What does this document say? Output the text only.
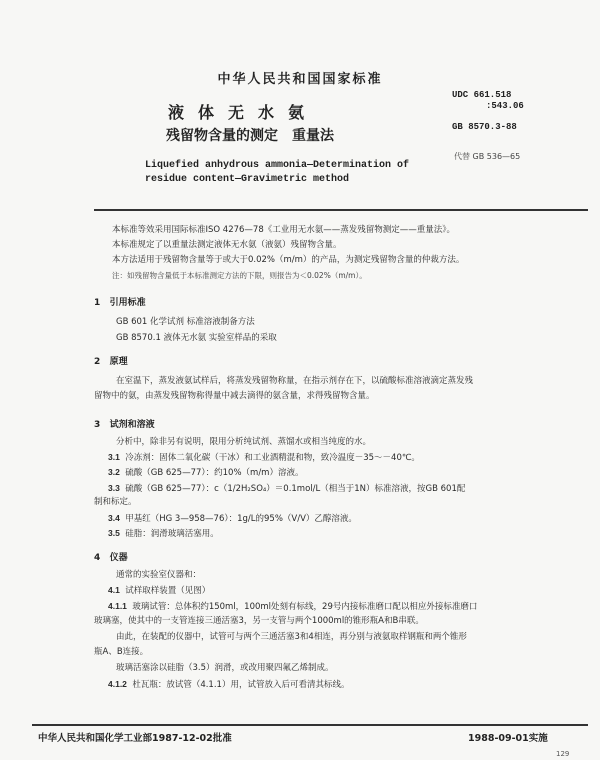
中华人民共和国国家标准
UDC 661.518
:543.06
GB 8570.3-88
代替 GB 536—65
液体无水氨
残留物含量的测定　重量法
Liquefied anhydrous ammonia—Determination of
residue content—Gravimetric method
本标准等效采用国际标准ISO 4276—78《工业用无水氨——蒸发残留物测定——重量法》。
本标准规定了以重量法测定液体无水氨（液氨）残留物含量。
本方法适用于残留物含量等于或大于0.02%（m/m）的产品，为测定残留物含量的仲裁方法。
注：如残留物含量低于本标准测定方法的下限，则报告为＜0.02%（m/m）。
1 引用标准
GB 601 化学试剂 标准溶液制备方法
GB 8570.1 液体无水氨 实验室样品的采取
2 原理
在室温下，蒸发液氨试样后，将蒸发残留物称量，在指示剂存在下，以硫酸标准溶液滴定蒸发残
留物中的氨，由蒸发残留物称得量中减去滴得的氨含量，求得残留物含量。
3 试剂和溶液
分析中，除非另有说明，限用分析纯试剂、蒸馏水或相当纯度的水。
3.1 冷冻剂：固体二氧化碳（干冰）和工业酒精混和物，致冷温度－35～－40℃。
3.2 硫酸（GB 625—77）：约10%（m/m）溶液。
3.3 硫酸（GB 625—77）：c（1/2H₂SO₄）＝0.1mol/L（相当于1N）标准溶液，按GB 601配
制和标定。
3.4 甲基红（HG 3—958—76）：1g/L的95%（V/V）乙醇溶液。
3.5 硅脂：润滑玻璃活塞用。
4 仪器
通常的实验室仪器和：
4.1 试样取样装置（见图）
4.1.1 玻璃试管：总体积约150ml，100ml处刻有标线，29号内接标准磨口配以相应外接标准磨口
玻璃塞，使其中的一支管连接三通活塞3，另一支管与两个1000ml的锥形瓶A和B串联。
由此，在装配的仪器中，试管可与两个三通活塞3和4相连，再分别与液氨取样钢瓶和两个锥形
瓶A、B连接。
玻璃活塞涂以硅脂（3.5）润滑，或改用聚四氟乙烯制成。
4.1.2 杜瓦瓶：放试管（4.1.1）用，试管放入后可看清其标线。
中华人民共和国化学工业部1987-12-02批准	1988-09-01实施
129
